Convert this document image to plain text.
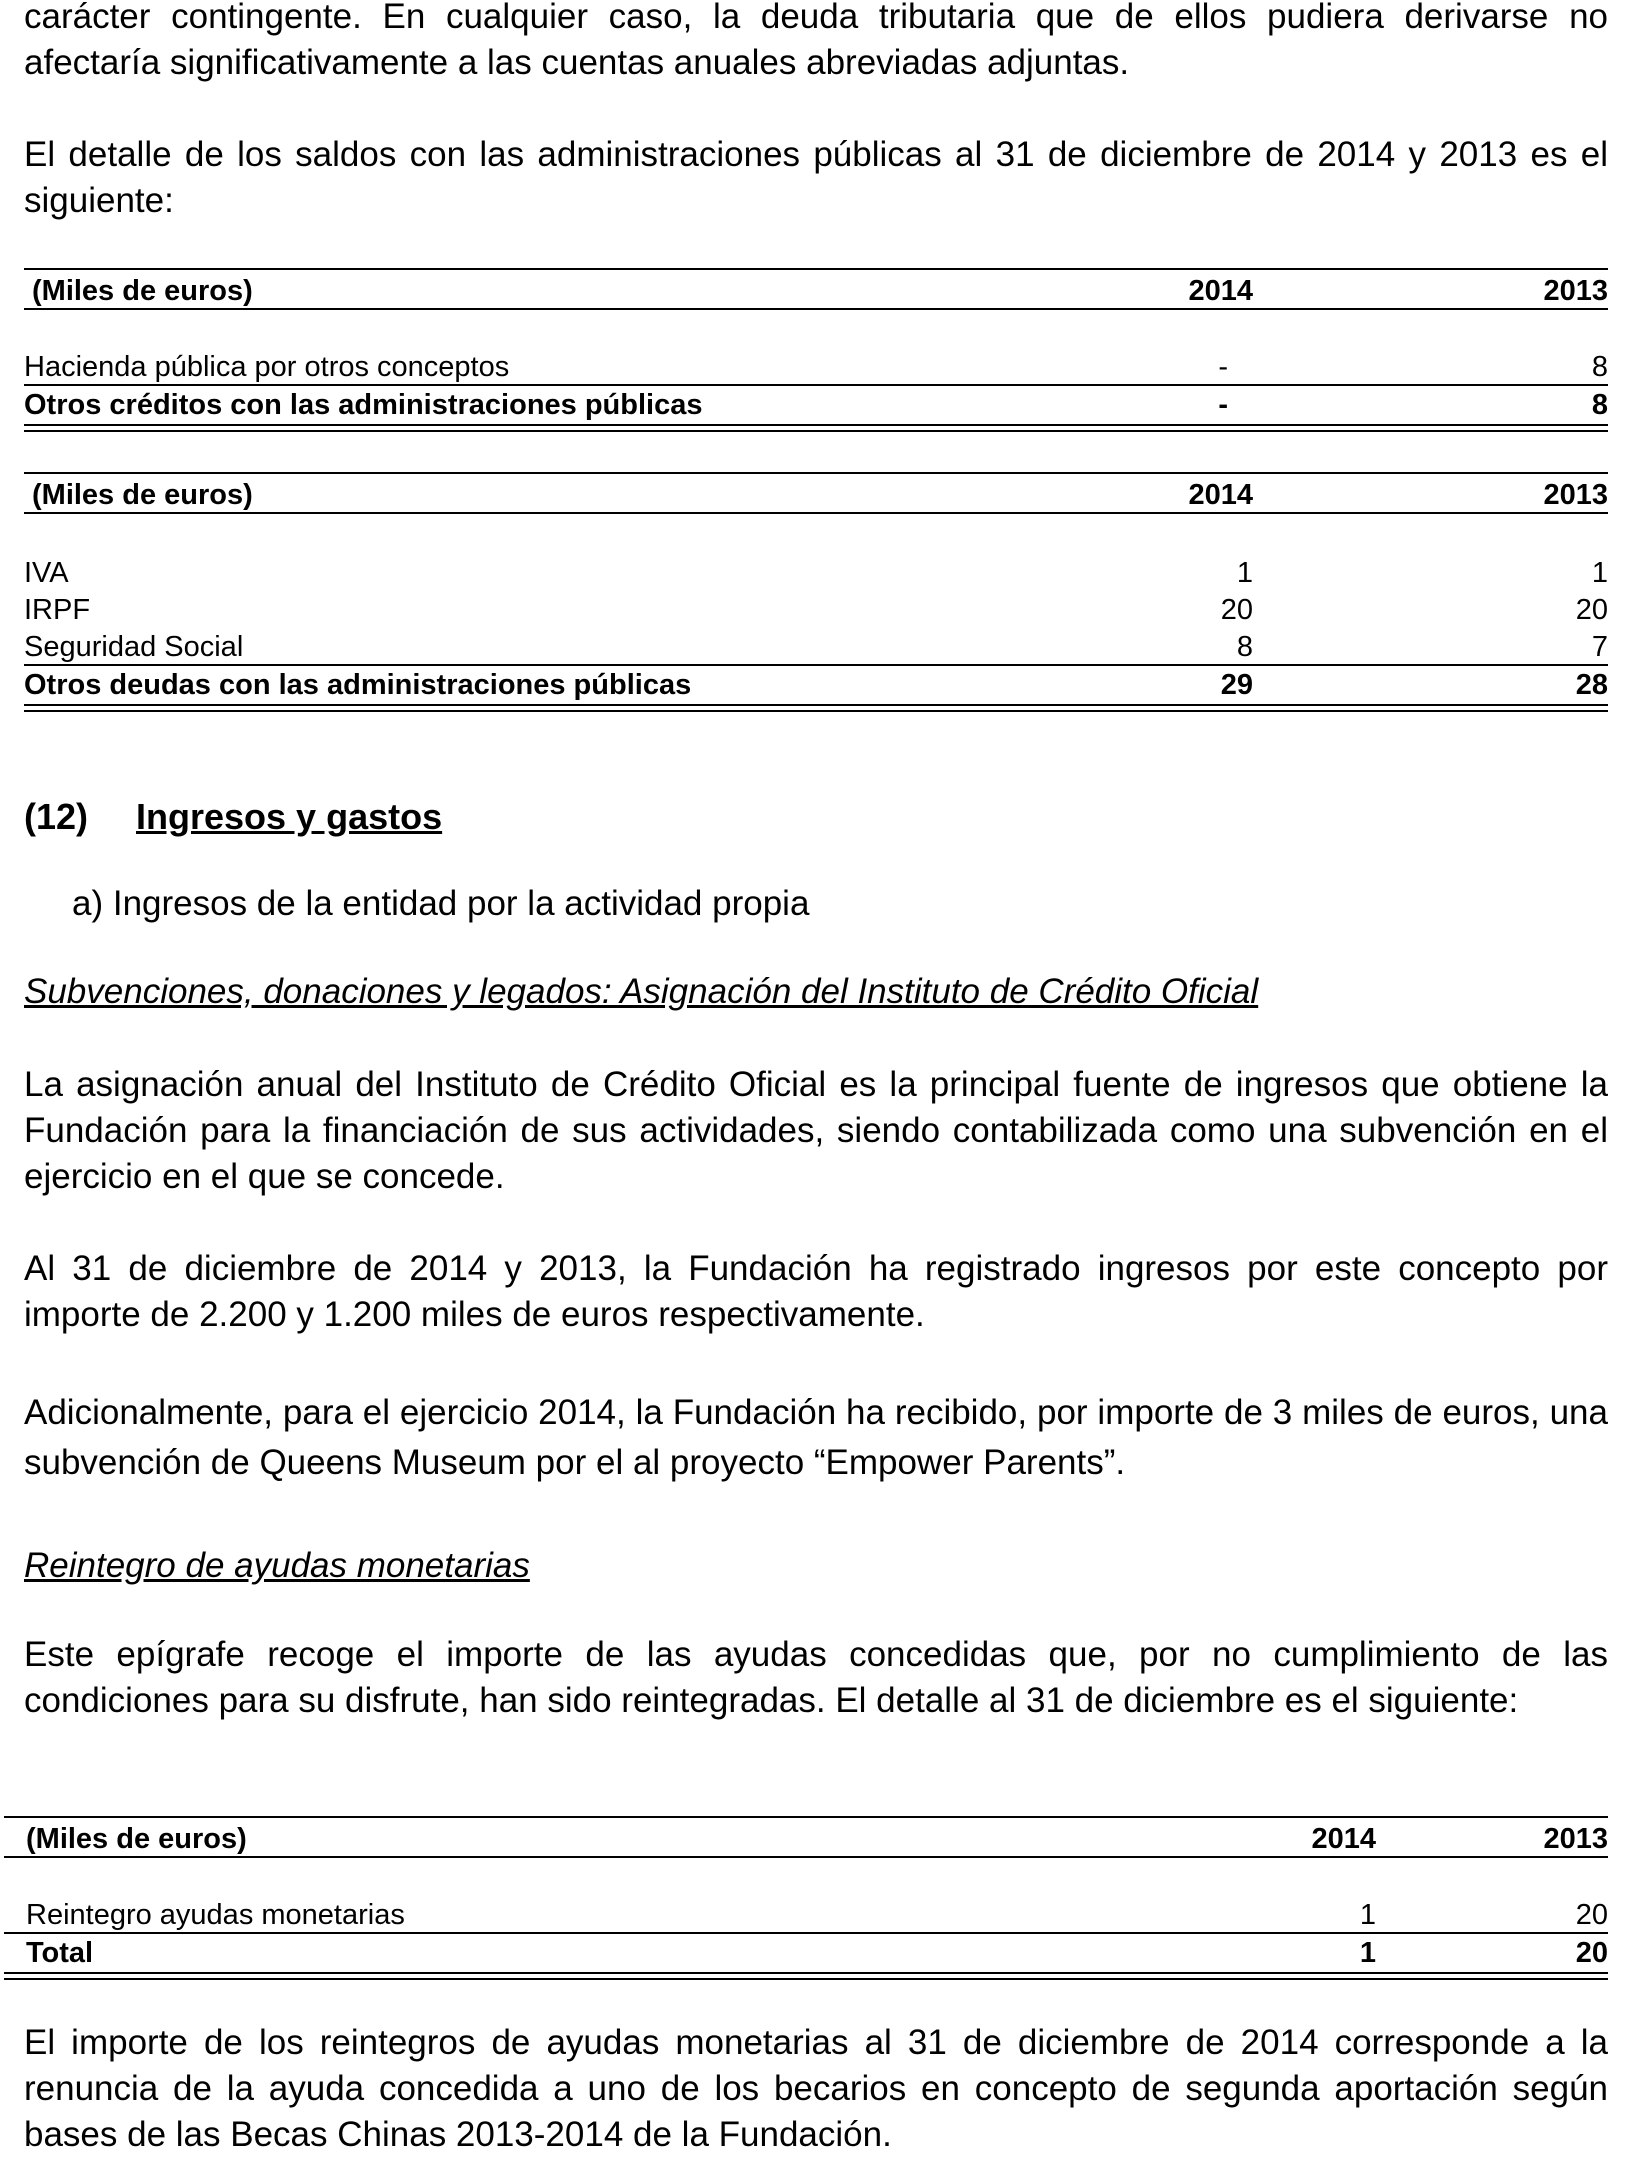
carácter contingente. En cualquier caso, la deuda tributaria que de ellos pudiera derivarse no afectaría significativamente a las cuentas anuales abreviadas adjuntas.

El detalle de los saldos con las administraciones públicas al 31 de diciembre de 2014 y 2013 es el siguiente:

(Miles de euros)	2014	2013
Hacienda pública por otros conceptos	-	8
Otros créditos con las administraciones públicas	-	8
(Miles de euros)	2014	2013
IVA	1	1
IRPF	20	20
Seguridad Social	8	7
Otros deudas con las administraciones públicas	29	28
(12) Ingresos y gastos
a) Ingresos de la entidad por la actividad propia
Subvenciones, donaciones y legados: Asignación del Instituto de Crédito Oficial

La asignación anual del Instituto de Crédito Oficial es la principal fuente de ingresos que obtiene la Fundación para la financiación de sus actividades, siendo contabilizada como una subvención en el ejercicio en el que se concede.

Al 31 de diciembre de 2014 y 2013, la Fundación ha registrado ingresos por este concepto por importe de 2.200 y 1.200 miles de euros respectivamente.

Adicionalmente, para el ejercicio 2014, la Fundación ha recibido, por importe de 3 miles de euros, una subvención de Queens Museum por el al proyecto “Empower Parents”.

Reintegro de ayudas monetarias

Este epígrafe recoge el importe de las ayudas concedidas que, por no cumplimiento de las condiciones para su disfrute, han sido reintegradas. El detalle al 31 de diciembre es el siguiente:

(Miles de euros)	2014	2013
Reintegro ayudas monetarias	1	20
Total	1	20

El importe de los reintegros de ayudas monetarias al 31 de diciembre de 2014 corresponde a la renuncia de la ayuda concedida a uno de los becarios en concepto de segunda aportación según bases de las Becas Chinas 2013-2014 de la Fundación.
